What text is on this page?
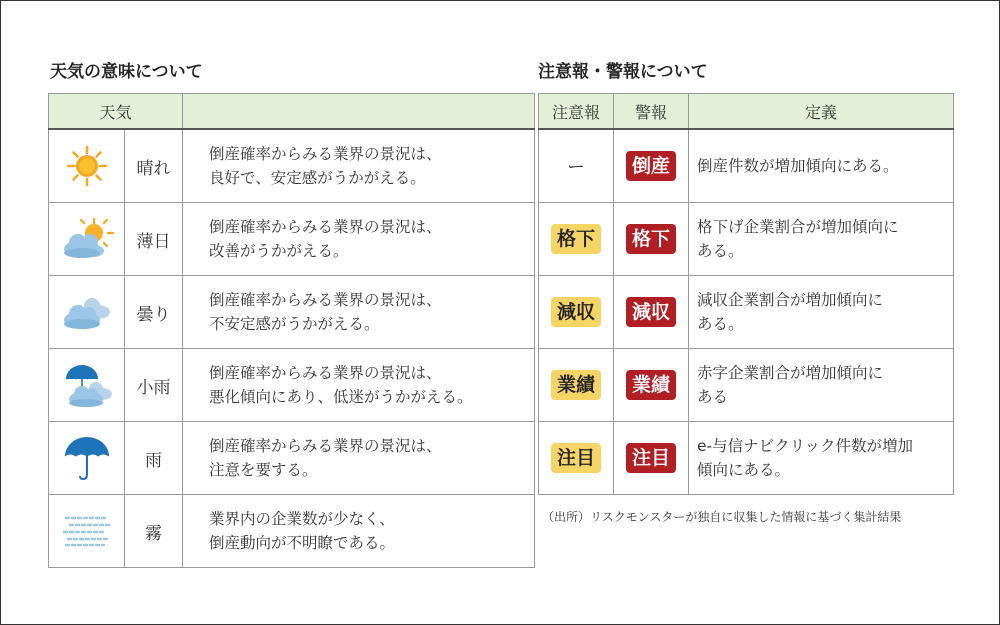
天気の意味について
天気		

	晴れ	倒産確率からみる業界の景況は、
良好で、安定感がうかがえる。

	薄日	倒産確率からみる業界の景況は、
改善がうかがえる。

	曇り	倒産確率からみる業界の景況は、
不安定感がうかがえる。

	小雨	倒産確率からみる業界の景況は、
悪化傾向にあり、低迷がうかがえる。

	雨	倒産確率からみる業界の景況は、
注意を要する。

	霧	業界内の企業数が少なく、
倒産動向が不明瞭である。
注意報・警報について
注意報	警報	定義
ー	倒産	倒産件数が増加傾向にある。

格下	格下	格下げ企業割合が増加傾向に
ある。

減収	減収	減収企業割合が増加傾向に
ある。

業績	業績	赤字企業割合が増加傾向に
ある

注目	注目	e-与信ナビクリック件数が増加
傾向にある。
（出所）リスクモンスターが独自に収集した情報に基づく集計結果
